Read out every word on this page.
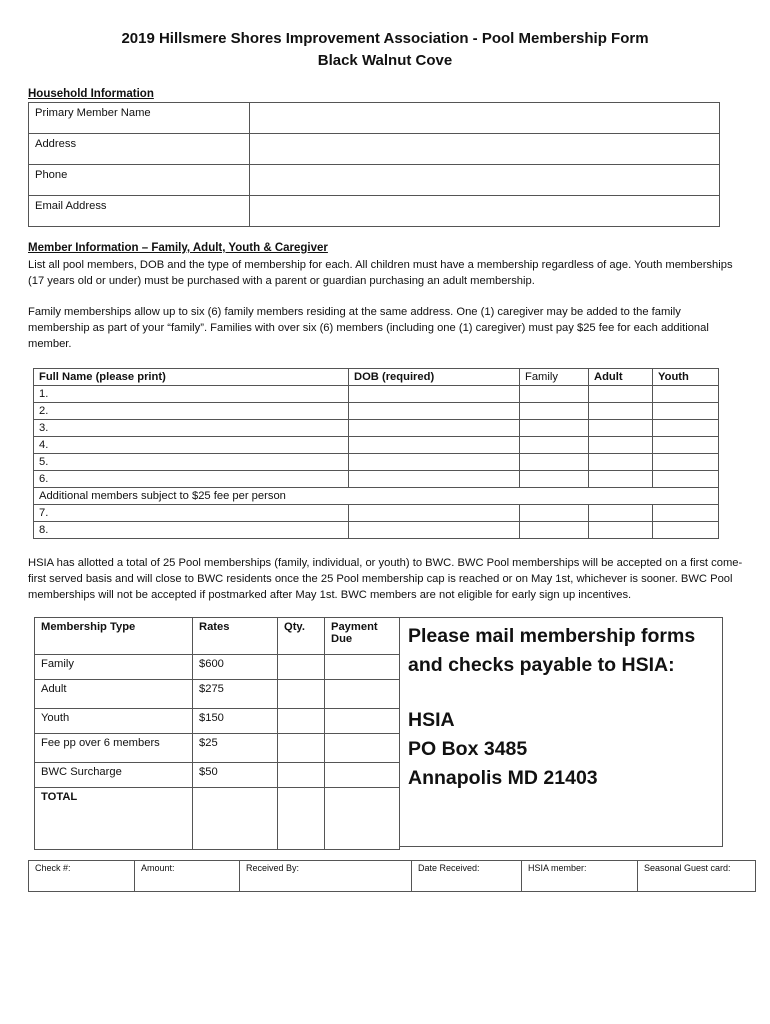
2019 Hillsmere Shores Improvement Association - Pool Membership Form
Black Walnut Cove
Household Information
Primary Member Name	
Address	
Phone	
Email Address	
Member Information – Family, Adult, Youth & Caregiver
List all pool members, DOB and the type of membership for each. All children must have a membership regardless of age. Youth memberships (17 years old or under) must be purchased with a parent or guardian purchasing an adult membership.
Family memberships allow up to six (6) family members residing at the same address. One (1) caregiver may be added to the family membership as part of your “family”. Families with over six (6) members (including one (1) caregiver) must pay $25 fee for each additional member.
Full Name (please print)	DOB (required)	Family	Adult	Youth
1.				
2.				
3.				
4.				
5.				
6.				
Additional members subject to $25 fee per person				
7.				
8.				
HSIA has allotted a total of 25 Pool memberships (family, individual, or youth) to BWC. BWC Pool memberships will be accepted on a first come-first served basis and will close to BWC residents once the 25 Pool membership cap is reached or on May 1st, whichever is sooner. BWC Pool memberships will not be accepted if postmarked after May 1st. BWC members are not eligible for early sign up incentives.
Membership Type	Rates	Qty.	Payment Due
Family	$600		
Adult	$275		
Youth	$150		
Fee pp over 6 members	$25		
BWC Surcharge	$50		
TOTAL			
Please mail membership forms
and checks payable to HSIA:
HSIA
PO Box 3485
Annapolis MD 21403
Check #:	Amount:	Received By:	Date Received:	HSIA member:	Seasonal Guest card:
